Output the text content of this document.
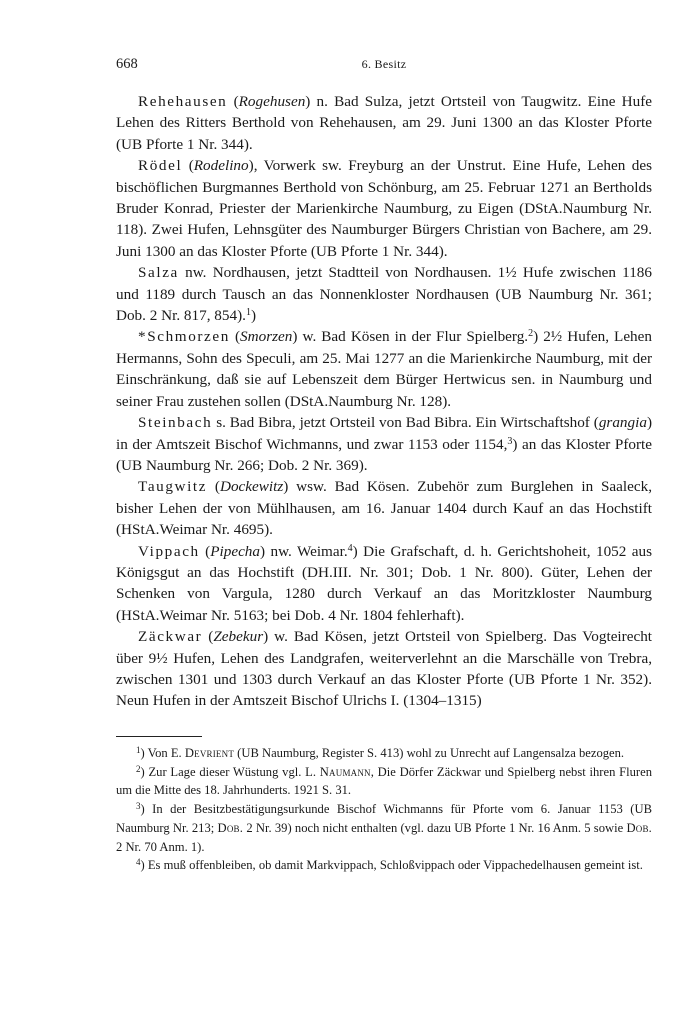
668	6. Besitz

Rehehausen (Rogehusen) n. Bad Sulza, jetzt Ortsteil von Taugwitz. Eine Hufe Lehen des Ritters Berthold von Rehehausen, am 29. Juni 1300 an das Kloster Pforte (UB Pforte 1 Nr. 344).

Rödel (Rodelino), Vorwerk sw. Freyburg an der Unstrut. Eine Hufe, Lehen des bischöflichen Burgmannes Berthold von Schönburg, am 25. Februar 1271 an Bertholds Bruder Konrad, Priester der Marienkirche Naumburg, zu Eigen (DStA.Naumburg Nr. 118). Zwei Hufen, Lehnsgüter des Naumburger Bürgers Christian von Bachere, am 29. Juni 1300 an das Kloster Pforte (UB Pforte 1 Nr. 344).

Salza nw. Nordhausen, jetzt Stadtteil von Nordhausen. 1½ Hufe zwischen 1186 und 1189 durch Tausch an das Nonnenkloster Nordhausen (UB Naumburg Nr. 361; Dob. 2 Nr. 817, 854).$^1$)

*Schmorzen (Smorzen) w. Bad Kösen in der Flur Spielberg.$^2$) 2½ Hufen, Lehen Hermanns, Sohn des Speculi, am 25. Mai 1277 an die Marienkirche Naumburg, mit der Einschränkung, daß sie auf Lebenszeit dem Bürger Hertwicus sen. in Naumburg und seiner Frau zustehen sollen (DStA.Naumburg Nr. 128).

Steinbach s. Bad Bibra, jetzt Ortsteil von Bad Bibra. Ein Wirtschaftshof (grangia) in der Amtszeit Bischof Wichmanns, und zwar 1153 oder 1154,$^3$) an das Kloster Pforte (UB Naumburg Nr. 266; Dob. 2 Nr. 369).

Taugwitz (Dockewitz) wsw. Bad Kösen. Zubehör zum Burglehen in Saaleck, bisher Lehen der von Mühlhausen, am 16. Januar 1404 durch Kauf an das Hochstift (HStA.Weimar Nr. 4695).

Vippach (Pipecha) nw. Weimar.$^4$) Die Grafschaft, d. h. Gerichtshoheit, 1052 aus Königsgut an das Hochstift (DH.III. Nr. 301; Dob. 1 Nr. 800). Güter, Lehen der Schenken von Vargula, 1280 durch Verkauf an das Moritzkloster Naumburg (HStA.Weimar Nr. 5163; bei Dob. 4 Nr. 1804 fehlerhaft).

Zäckwar (Zebekur) w. Bad Kösen, jetzt Ortsteil von Spielberg. Das Vogteirecht über 9½ Hufen, Lehen des Landgrafen, weiterverlehnt an die Marschälle von Trebra, zwischen 1301 und 1303 durch Verkauf an das Kloster Pforte (UB Pforte 1 Nr. 352). Neun Hufen in der Amtszeit Bischof Ulrichs I. (1304–1315)

$^1$) Von E. Devrient (UB Naumburg, Register S. 413) wohl zu Unrecht auf Langensalza bezogen.

$^2$) Zur Lage dieser Wüstung vgl. L. Naumann, Die Dörfer Zäckwar und Spielberg nebst ihren Fluren um die Mitte des 18. Jahrhunderts. 1921 S. 31.

$^3$) In der Besitzbestätigungsurkunde Bischof Wichmanns für Pforte vom 6. Januar 1153 (UB Naumburg Nr. 213; Dob. 2 Nr. 39) noch nicht enthalten (vgl. dazu UB Pforte 1 Nr. 16 Anm. 5 sowie Dob. 2 Nr. 70 Anm. 1).

$^4$) Es muß offenbleiben, ob damit Markvippach, Schloßvippach oder Vippachedelhausen gemeint ist.
